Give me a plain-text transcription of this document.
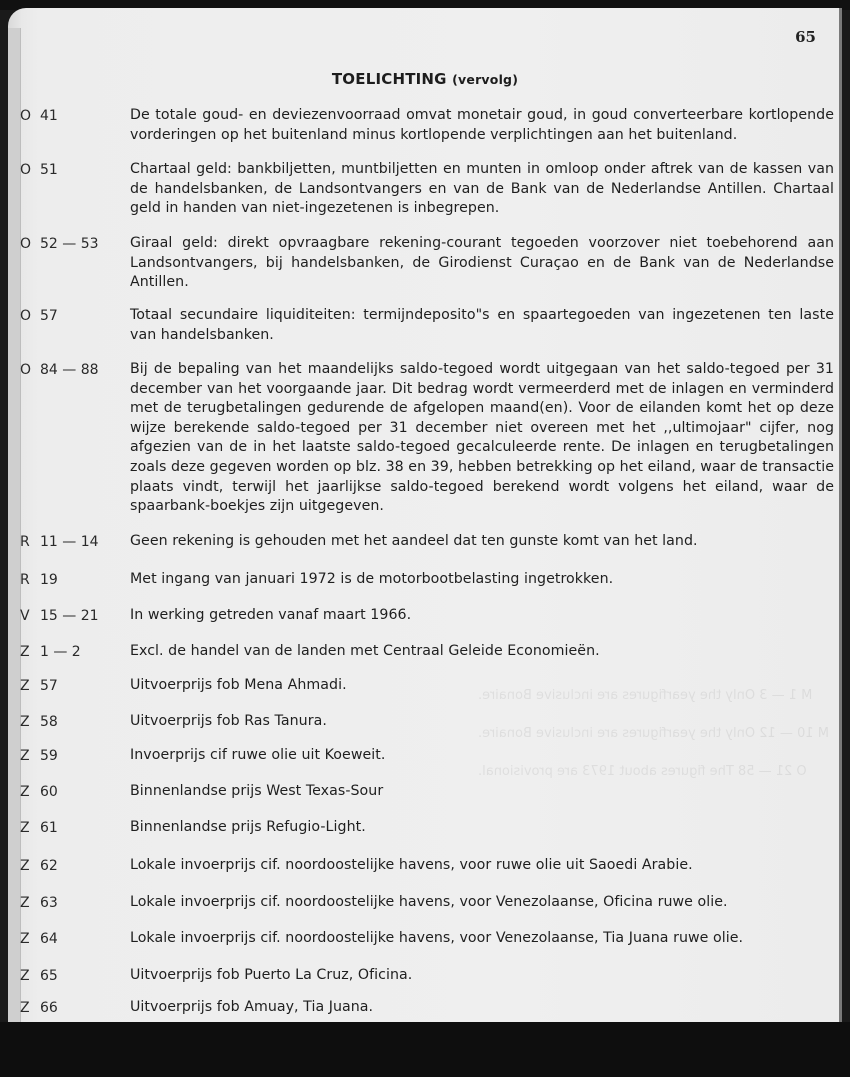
M 1 — 3 Only the yearfigures are inclusive Bonaire.
M 10 — 12 Only the yearfigures are inclusive Bonaire.
O 21 — 58 The figures about 1973 are provisional.
65
TOELICHTING (vervolg)
O 41	De totale goud- en deviezenvoorraad omvat monetair goud, in goud converteerbare kortlopende vorderingen op het buitenland minus kortlopende verplichtingen aan het buitenland.
O 51	Chartaal geld: bankbiljetten, muntbiljetten en munten in omloop onder aftrek van de kassen van de handelsbanken, de Landsontvangers en van de Bank van de Nederlandse Antillen. Chartaal geld in handen van niet-ingezetenen is inbegrepen.
O 52 — 53 Giraal geld: direkt opvraagbare rekening-courant tegoeden voorzover niet toebehorend aan Landsontvangers, bij handelsbanken, de Girodienst Curaçao en de Bank van de Nederlandse Antillen.
O 57	Totaal secundaire liquiditeiten: termijndeposito"s en spaartegoeden van ingezetenen ten laste van handelsbanken.
O 84 — 88 Bij de bepaling van het maandelijks saldo-tegoed wordt uitgegaan van het saldo-tegoed per 31 december van het voorgaande jaar. Dit bedrag wordt vermeerderd met de inlagen en verminderd met de terugbetalingen gedurende de afgelopen maand(en). Voor de eilanden komt het op deze wijze berekende saldo-tegoed per 31 december niet overeen met het ,,ultimojaar" cijfer, nog afgezien van de in het laatste saldo-tegoed gecalculeerde rente. De inlagen en terugbetalingen zoals deze gegeven worden op blz. 38 en 39, hebben betrekking op het eiland, waar de transactie plaats vindt, terwijl het jaarlijkse saldo-tegoed berekend wordt volgens het eiland, waar de spaarbank-boekjes zijn uitgegeven.
R 11 — 14 Geen rekening is gehouden met het aandeel dat ten gunste komt van het land.
R 19	Met ingang van januari 1972 is de motorbootbelasting ingetrokken.
V 15 — 21 In werking getreden vanaf maart 1966.
Z 1 — 2	Excl. de handel van de landen met Centraal Geleide Economieën.
Z 57	Uitvoerprijs fob Mena Ahmadi.
Z 58	Uitvoerprijs fob Ras Tanura.
Z 59	Invoerprijs cif ruwe olie uit Koeweit.
Z 60	Binnenlandse prijs West Texas-Sour
Z 61	Binnenlandse prijs Refugio-Light.
Z 62	Lokale invoerprijs cif. noordoostelijke havens, voor ruwe olie uit Saoedi Arabie.
Z 63	Lokale invoerprijs cif. noordoostelijke havens, voor Venezolaanse, Oficina ruwe olie.
Z 64	Lokale invoerprijs cif. noordoostelijke havens, voor Venezolaanse, Tia Juana ruwe olie.
Z 65	Uitvoerprijs fob Puerto La Cruz, Oficina.
Z 66	Uitvoerprijs fob Amuay, Tia Juana.
